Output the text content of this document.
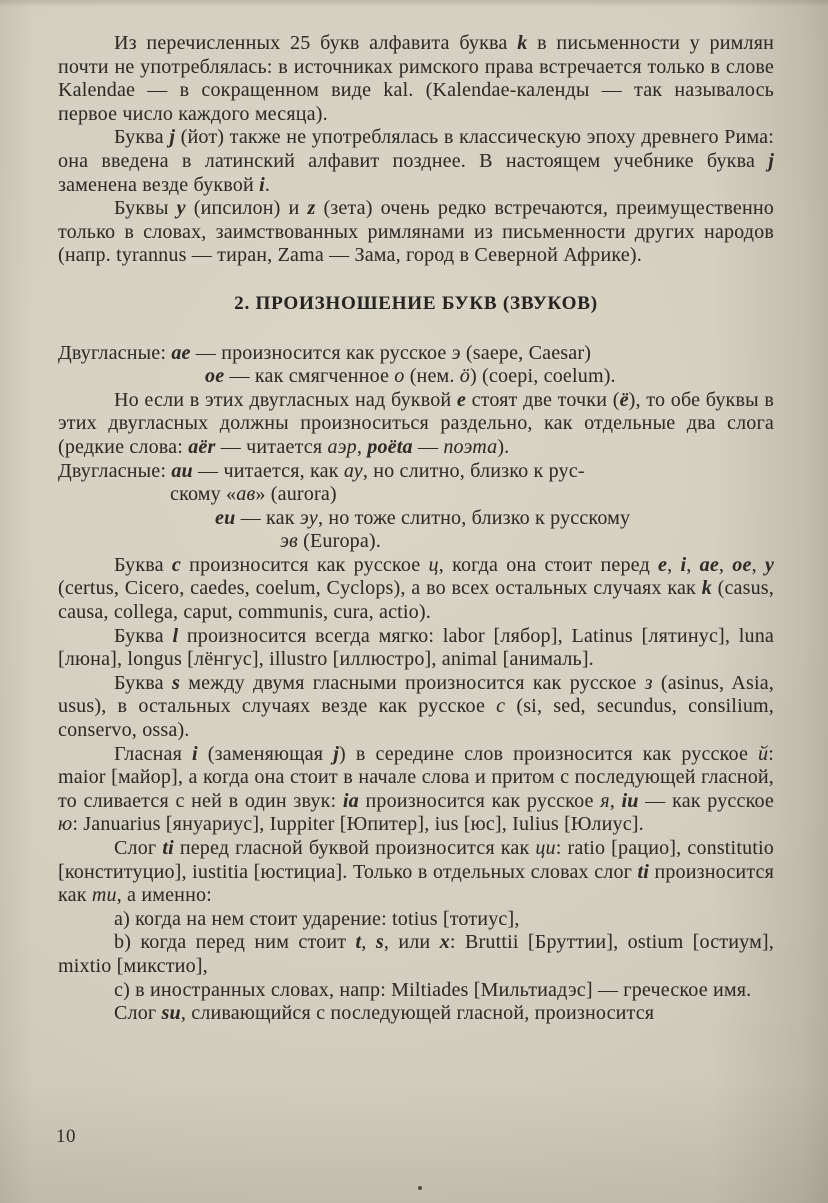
Из перечисленных 25 букв алфавита буква k в письменности у римлян почти не употреблялась: в источниках римского права встречается только в слове Kalendae — в сокращенном виде kal. (Kalendae-календы — так называлось первое число каждого месяца).

Буква j (йот) также не употреблялась в классическую эпоху древнего Рима: она введена в латинский алфавит позднее. В настоящем учебнике буква j заменена везде буквой i.

Буквы y (ипсилон) и z (зета) очень редко встречаются, преимущественно только в словах, заимствованных римлянами из письменности других народов (напр. tyrannus — тиран, Zama — Зама, город в Северной Африке).

2. ПРОИЗНОШЕНИЕ БУКВ (ЗВУКОВ)

Двугласные: ae — произносится как русское э (saepe, Caesar)

oe — как смягченное о (нем. ö) (coepi, coelum).

Но если в этих двугласных над буквой e стоят две точки (ё), то обе буквы в этих двугласных должны произноситься раздельно, как отдельные два слога (редкие слова: aёr — читается аэр, poёta — поэта).

Двугласные: au — читается, как ау, но слитно, близко к рус-

скому «ав» (aurora)

eu — как эу, но тоже слитно, близко к русскому

эв (Europa).

Буква c произносится как русское ц, когда она стоит перед e, i, ae, oe, y (certus, Cicero, caedes, coelum, Cyclops), а во всех остальных случаях как k (casus, causa, collega, caput, communis, cura, actio).

Буква l произносится всегда мягко: labor [лябор], Latinus [лятинус], luna [люна], longus [лёнгус], illustro [иллюстро], animal [анималь].

Буква s между двумя гласными произносится как русское з (asinus, Asia, usus), в остальных случаях везде как русское с (si, sed, secundus, consilium, conservo, ossa).

Гласная i (заменяющая j) в середине слов произносится как русское й: maior [майор], а когда она стоит в начале слова и притом с последующей гласной, то сливается с ней в один звук: ia произносится как русское я, iu — как русское ю: Januarius [януариус], Iuppiter [Юпитер], ius [юс], Iulius [Юлиус].

Слог ti перед гласной буквой произносится как ци: ratio [рацио], constitutio [конституцио], iustitia [юстициа]. Только в отдельных словах слог ti произносится как ти, а именно:

a) когда на нем стоит ударение: totius [тотиус],

b) когда перед ним стоит t, s, или x: Bruttii [Бруттии], ostium [остиум], mixtio [микстио],

c) в иностранных словах, напр: Miltiades [Мильтиадэс] — греческое имя.

Слог su, сливающийся с последующей гласной, произносится

10
